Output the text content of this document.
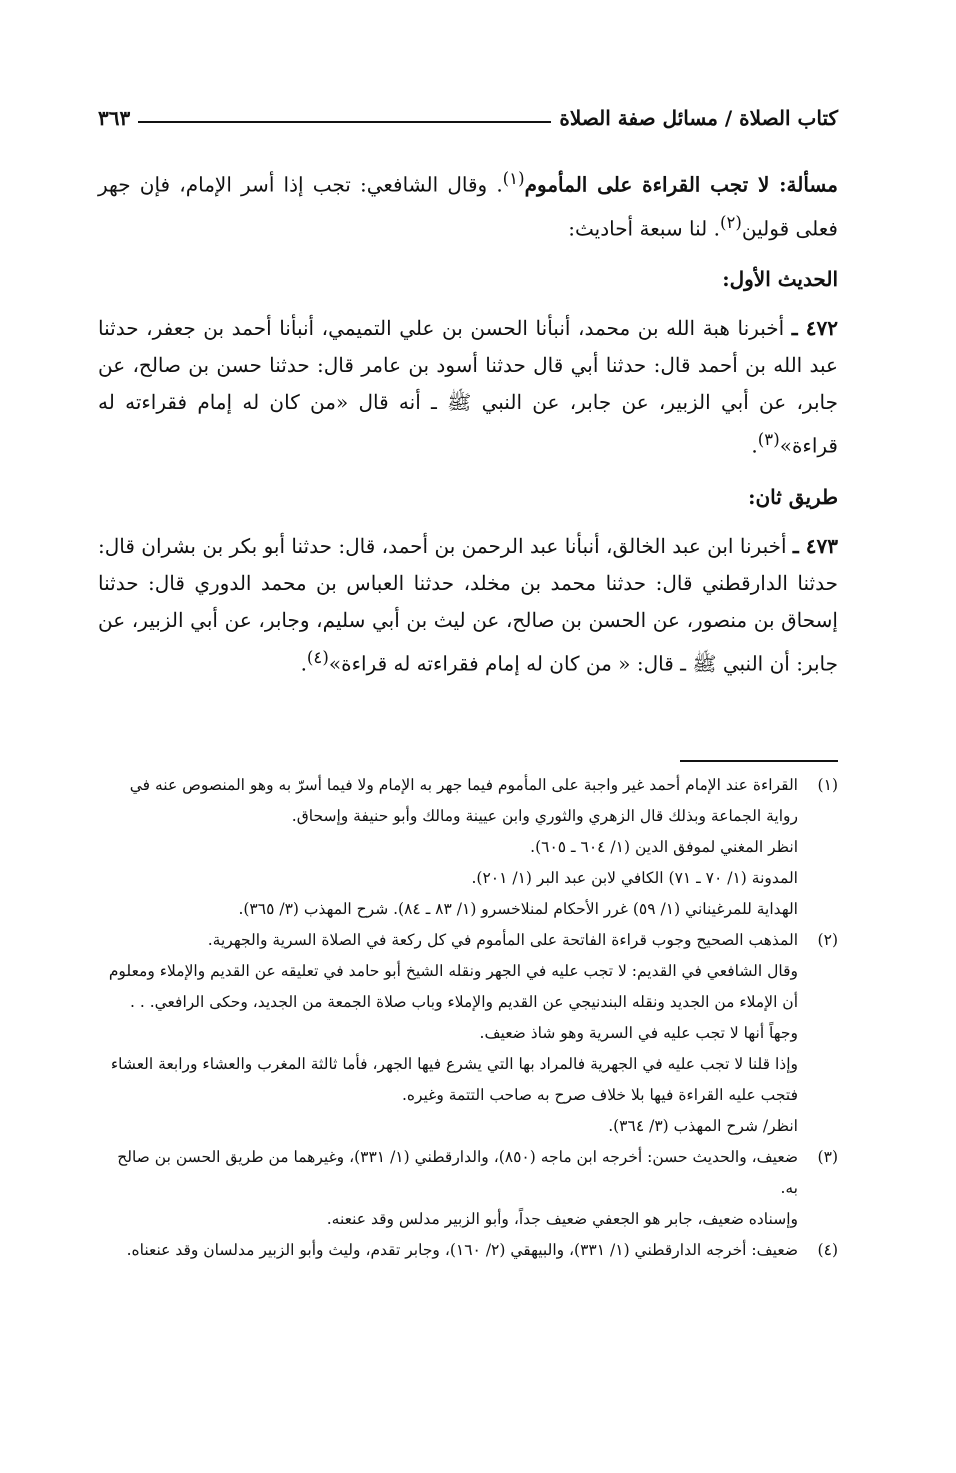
كتاب الصلاة / مسائل صفة الصلاة
٣٦٣

مسألة: لا تجب القراءة على المأموم$^{(١)}$. وقال الشافعي: تجب إذا أسر الإمام، فإن جهر فعلى قولين$^{(٢)}$. لنا سبعة أحاديث:

الحديث الأول:

٤٧٢ ـ أخبرنا هبة الله بن محمد، أنبأنا الحسن بن علي التميمي، أنبأنا أحمد بن جعفر، حدثنا عبد الله بن أحمد قال: حدثنا أبي قال حدثنا أسود بن عامر قال: حدثنا حسن بن صالح، عن جابر، عن أبي الزبير، عن جابر، عن النبي ﷺ ـ أنه قال «من كان له إمام فقراءته له قراءة»$^{(٣)}$.

طريق ثان:

٤٧٣ ـ أخبرنا ابن عبد الخالق، أنبأنا عبد الرحمن بن أحمد، قال: حدثنا أبو بكر بن بشران قال: حدثنا الدارقطني قال: حدثنا محمد بن مخلد، حدثنا العباس بن محمد الدوري قال: حدثنا إسحاق بن منصور، عن الحسن بن صالح، عن ليث بن أبي سليم، وجابر، عن أبي الزبير، عن جابر: أن النبي ﷺ ـ قال: « من كان له إمام فقراءته له قراءة»$^{(٤)}$.

(١)
القراءة عند الإمام أحمد غير واجبة على المأموم فيما جهر به الإمام ولا فيما أسرّ به وهو المنصوص عنه في رواية الجماعة وبذلك قال الزهري والثوري وابن عيينة ومالك وأبو حنيفة وإسحاق.
انظر المغني لموفق الدين (١/ ٦٠٤ ـ ٦٠٥).
المدونة (١/ ٧٠ ـ ٧١) الكافي لابن عبد البر (١/ ٢٠١).
الهداية للمرغيناني (١/ ٥٩) غرر الأحكام لمنلاخسرو (١/ ٨٣ ـ ٨٤). شرح المهذب (٣/ ٣٦٥).
(٢)
المذهب الصحيح وجوب قراءة الفاتحة على المأموم في كل ركعة في الصلاة السرية والجهرية.
وقال الشافعي في القديم: لا تجب عليه في الجهر ونقله الشيخ أبو حامد في تعليقه عن القديم والإملاء ومعلوم أن الإملاء من الجديد ونقله البندنيجي عن القديم والإملاء وباب صلاة الجمعة من الجديد، وحكى الرافعي. . . وجهاً أنها لا تجب عليه في السرية وهو شاذ ضعيف.
وإذا قلنا لا تجب عليه في الجهرية فالمراد بها التي يشرع فيها الجهر، فأما ثالثة المغرب والعشاء ورابعة العشاء فتجب عليه القراءة فيها بلا خلاف صرح به صاحب التتمة وغيره.
انظر/ شرح المهذب (٣/ ٣٦٤).
(٣)
ضعيف، والحديث حسن: أخرجه ابن ماجه (٨٥٠)، والدارقطني (١/ ٣٣١)، وغيرهما من طريق الحسن بن صالح به.
وإسناده ضعيف، جابر هو الجعفي ضعيف جداً، وأبو الزبير مدلس وقد عنعنه.
(٤)
ضعيف: أخرجه الدارقطني (١/ ٣٣١)، والبيهقي (٢/ ١٦٠)، وجابر تقدم، وليث وأبو الزبير مدلسان وقد عنعناه.
